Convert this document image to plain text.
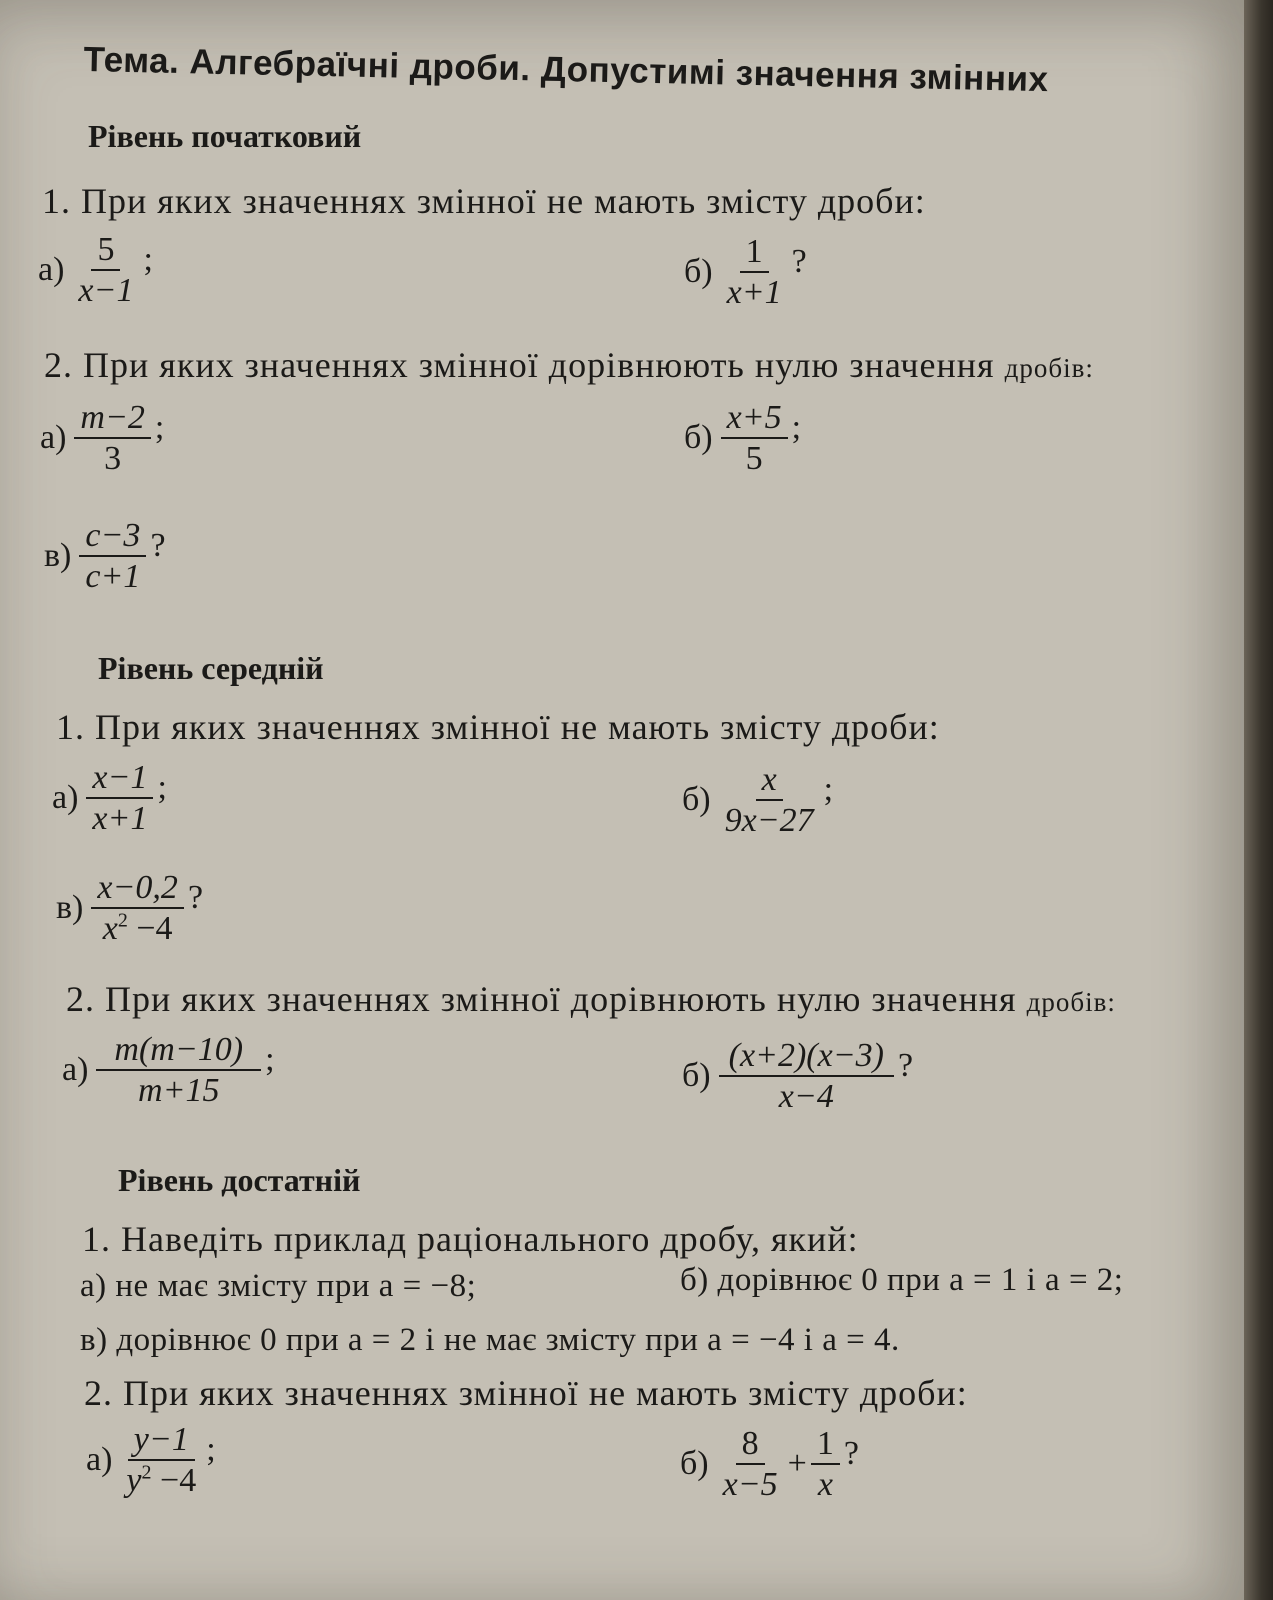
Тема. Алгебраїчні дроби. Допустимі значення змінних
Рівень початковий
1. При яких значеннях змінної не мають змісту дроби:
$а) \frac{5}{x-1}$ ;	$б) \frac{1}{x+1}$ ?
2. При яких значеннях змінної дорівнюють нулю значення дробів:
$а) \frac{m-2}{3}$ ;	$б) \frac{x+5}{5}$ ;
$в) \frac{c-3}{c+1}$ ?
Рівень середній
1. При яких значеннях змінної не мають змісту дроби:
$а) \frac{x-1}{x+1}$ ;	$б) \frac{x}{9x-27}$ ;
$в) \frac{x-0,2}{x^2 -4}$ ?
2. При яких значеннях змінної дорівнюють нулю значення дробів:
$а) \frac{m(m-10)}{m+15}$ ;	$б) \frac{(x+2)(x-3)}{x-4}$ ?
Рівень достатній
1. Наведіть приклад раціонального дробу, який:
а) не має змісту при a = −8;	б) дорівнює 0 при a = 1 і a = 2;
в) дорівнює 0 при a = 2 і не має змісту при a = −4 і a = 4.
2. При яких значеннях змінної не мають змісту дроби:
$а) \frac{y-1}{y^2 -4}$ ;	$б) \frac{8}{x-5} + \frac{1}{x}$ ?
